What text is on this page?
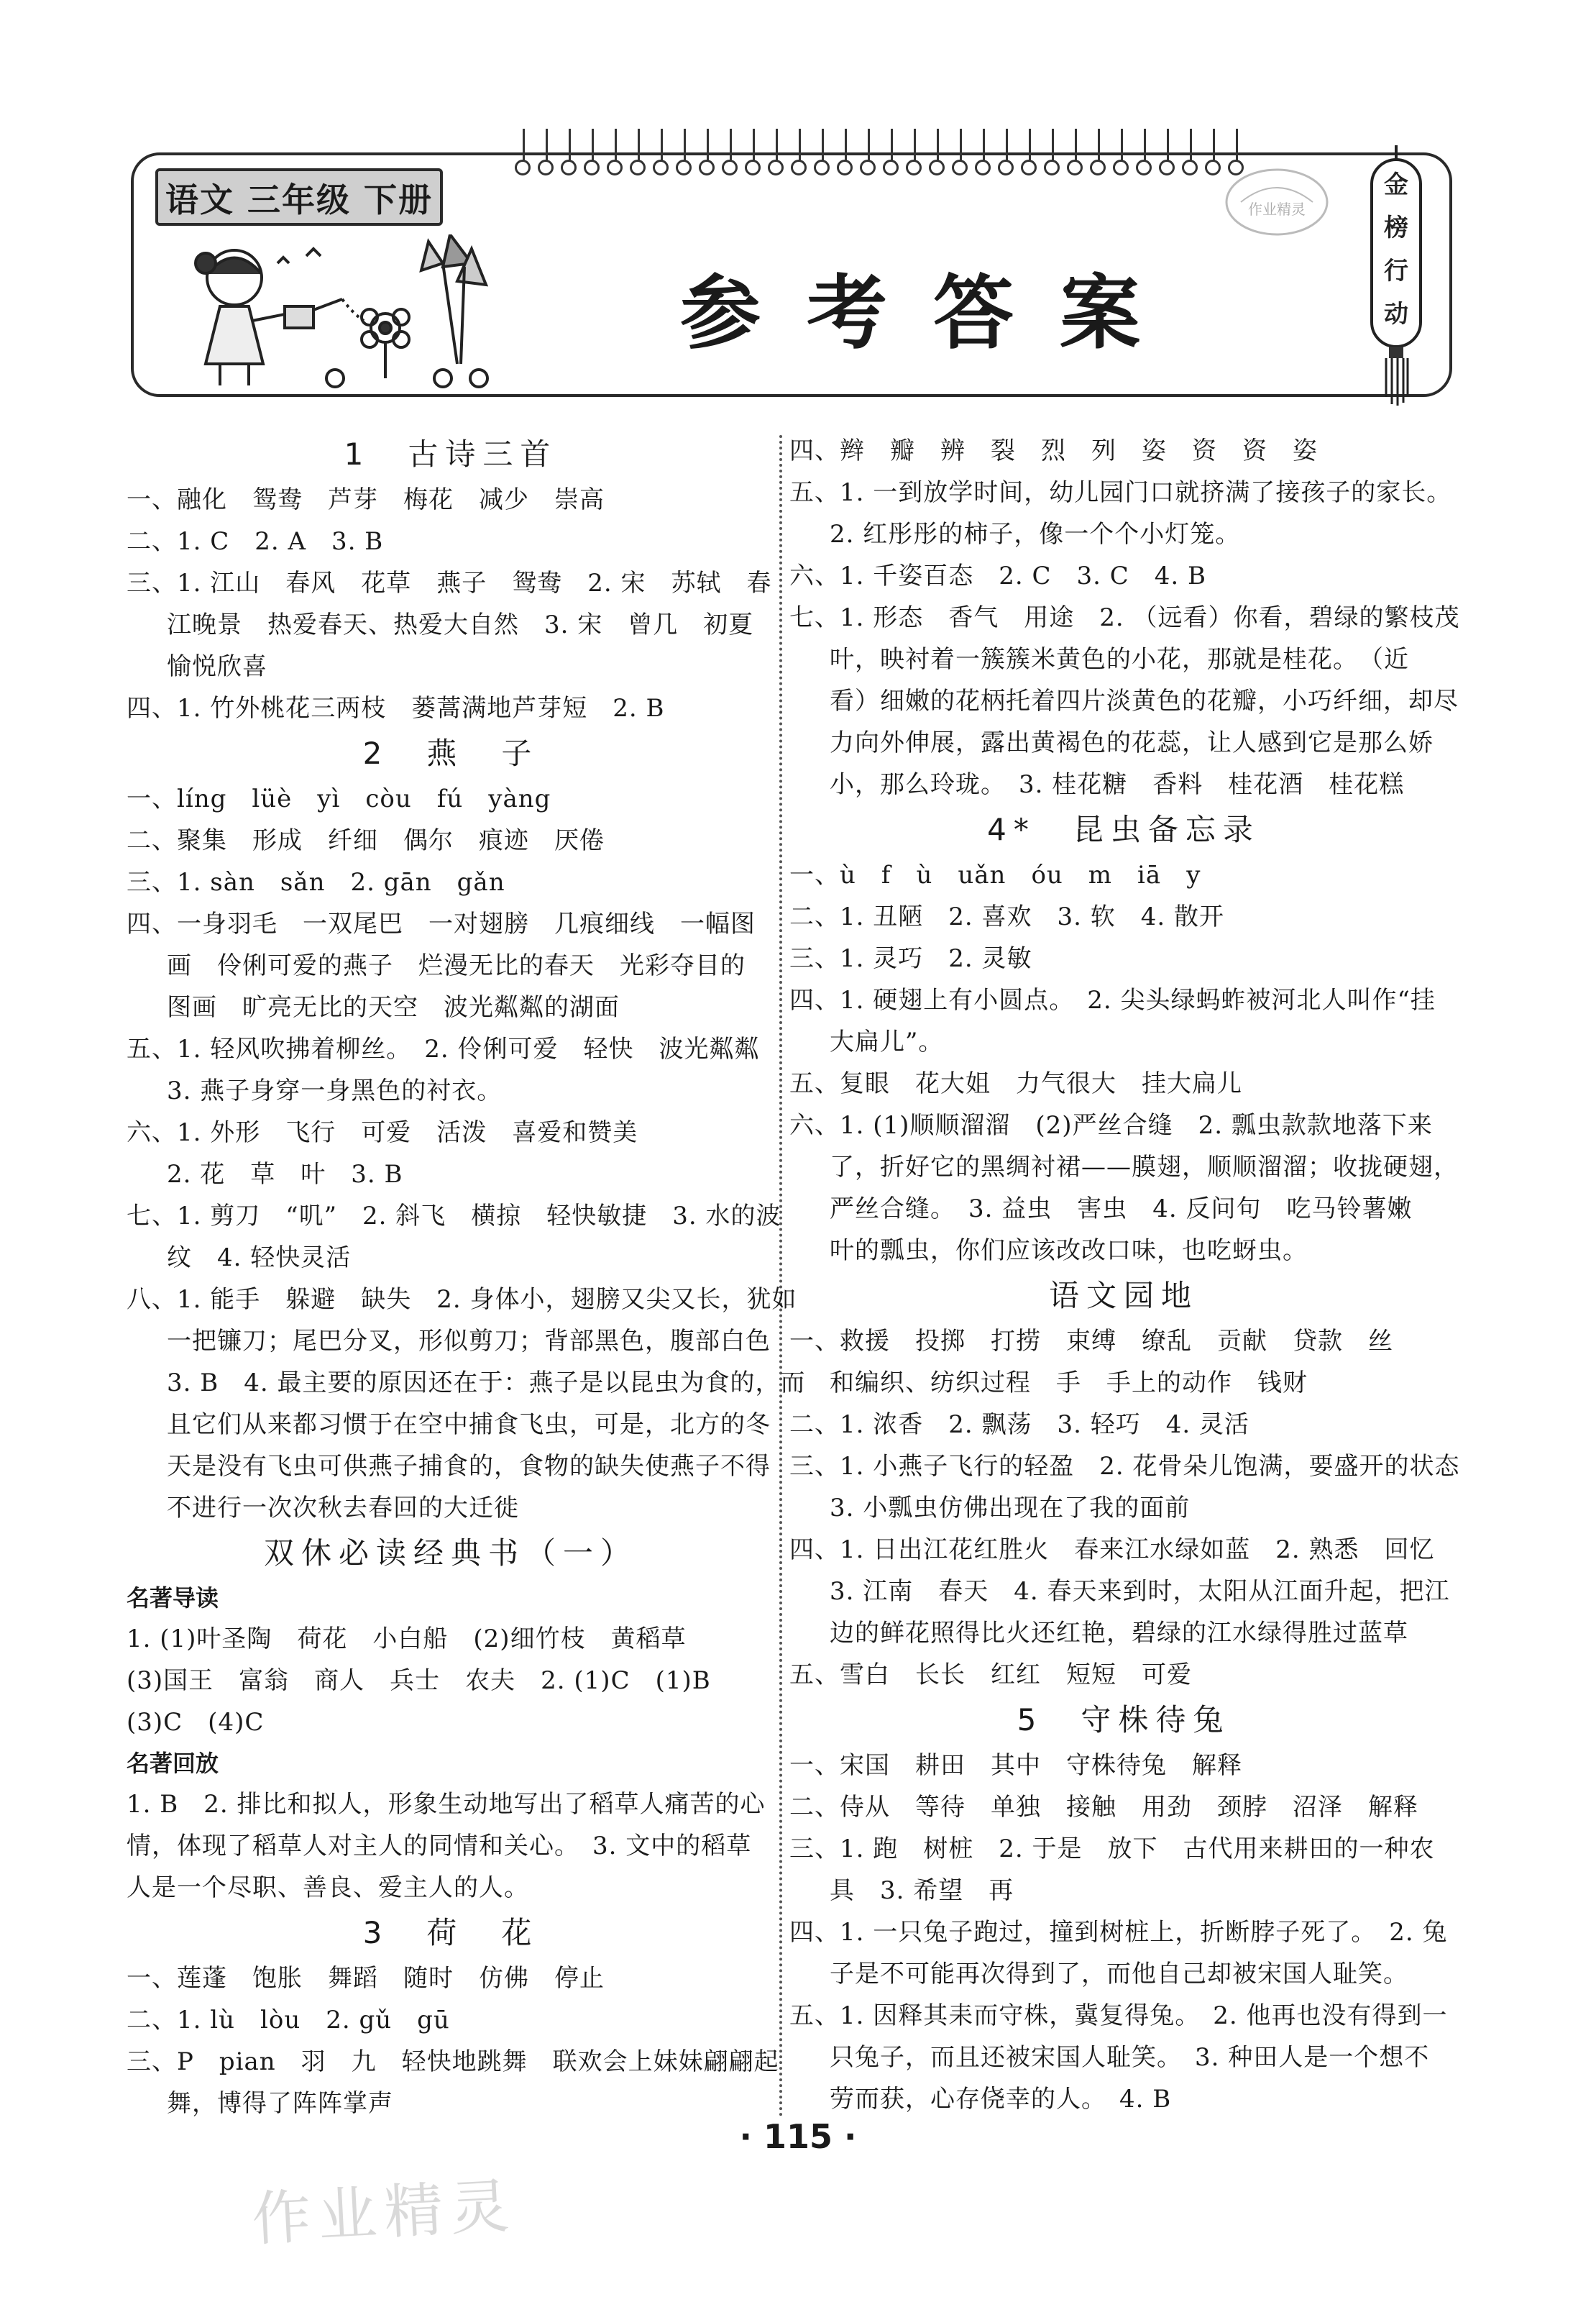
语文 三年级 下册
参考答案
作业精灵
金
榜
行
动
1　古诗三首
一、融化　鸳鸯　芦芽　梅花　减少　崇高
二、1. C　2. A　3. B
三、1. 江山　春风　花草　燕子　鸳鸯　2. 宋　苏轼　春
江晚景　热爱春天、热爱大自然　3. 宋　曾几　初夏
愉悦欣喜
四、1. 竹外桃花三两枝　蒌蒿满地芦芽短　2. B
2　燕　子
一、líng　lüè　yì　còu　fú　yàng
二、聚集　形成　纤细　偶尔　痕迹　厌倦
三、1. sàn　sǎn　2. gān　gǎn
四、一身羽毛　一双尾巴　一对翅膀　几痕细线　一幅图
画　伶俐可爱的燕子　烂漫无比的春天　光彩夺目的
图画　旷亮无比的天空　波光粼粼的湖面
五、1. 轻风吹拂着柳丝。　2. 伶俐可爱　轻快　波光粼粼
3. 燕子身穿一身黑色的衬衣。
六、1. 外形　飞行　可爱　活泼　喜爱和赞美
2. 花　草　叶　3. B
七、1. 剪刀　“叽”　2. 斜飞　横掠　轻快敏捷　3. 水的波
纹　4. 轻快灵活
八、1. 能手　躲避　缺失　2. 身体小，翅膀又尖又长，犹如
一把镰刀；尾巴分叉，形似剪刀；背部黑色，腹部白色
3. B　4. 最主要的原因还在于：燕子是以昆虫为食的，而
且它们从来都习惯于在空中捕食飞虫，可是，北方的冬
天是没有飞虫可供燕子捕食的，食物的缺失使燕子不得
不进行一次次秋去春回的大迁徙
双休必读经典书（一）
名著导读
1. (1)叶圣陶　荷花　小白船　(2)细竹枝　黄稻草
(3)国王　富翁　商人　兵士　农夫　2. (1)C　(1)B
(3)C　(4)C
名著回放
1. B　2. 排比和拟人，形象生动地写出了稻草人痛苦的心
情，体现了稻草人对主人的同情和关心。　3. 文中的稻草
人是一个尽职、善良、爱主人的人。
3　荷　花
一、莲蓬　饱胀　舞蹈　随时　仿佛　停止
二、1. lù　lòu　2. gǔ　gū
三、P　pian　羽　九　轻快地跳舞　联欢会上妹妹翩翩起
舞，博得了阵阵掌声
四、辫　瓣　辨　裂　烈　列　姿　资　资　姿
五、1. 一到放学时间，幼儿园门口就挤满了接孩子的家长。
2. 红彤彤的柿子，像一个个小灯笼。
六、1. 千姿百态　2. C　3. C　4. B
七、1. 形态　香气　用途　2. （远看）你看，碧绿的繁枝茂
叶，映衬着一簇簇米黄色的小花，那就是桂花。　（近
看）细嫩的花柄托着四片淡黄色的花瓣，小巧纤细，却尽
力向外伸展，露出黄褐色的花蕊，让人感到它是那么娇
小，那么玲珑。　3. 桂花糖　香料　桂花酒　桂花糕
4*　昆虫备忘录
一、ù　f　ù　uǎn　óu　m　iā　y
二、1. 丑陋　2. 喜欢　3. 软　4. 散开
三、1. 灵巧　2. 灵敏
四、1. 硬翅上有小圆点。　2. 尖头绿蚂蚱被河北人叫作“挂
大扁儿”。
五、复眼　花大姐　力气很大　挂大扁儿
六、1. (1)顺顺溜溜　(2)严丝合缝　2. 瓢虫款款地落下来
了，折好它的黑绸衬裙——膜翅，顺顺溜溜；收拢硬翅，
严丝合缝。　3. 益虫　害虫　4. 反问句　吃马铃薯嫩
叶的瓢虫，你们应该改改口味，也吃蚜虫。
语文园地
一、救援　投掷　打捞　束缚　缭乱　贡献　贷款　丝
和编织、纺织过程　手　手上的动作　钱财
二、1. 浓香　2. 飘荡　3. 轻巧　4. 灵活
三、1. 小燕子飞行的轻盈　2. 花骨朵儿饱满，要盛开的状态
3. 小瓢虫仿佛出现在了我的面前
四、1. 日出江花红胜火　春来江水绿如蓝　2. 熟悉　回忆
3. 江南　春天　4. 春天来到时，太阳从江面升起，把江
边的鲜花照得比火还红艳，碧绿的江水绿得胜过蓝草
五、雪白　长长　红红　短短　可爱
5　守株待兔
一、宋国　耕田　其中　守株待兔　解释
二、侍从　等待　单独　接触　用劲　颈脖　沼泽　解释
三、1. 跑　树桩　2. 于是　放下　古代用来耕田的一种农
具　3. 希望　再
四、1. 一只兔子跑过，撞到树桩上，折断脖子死了。　2. 兔
子是不可能再次得到了，而他自己却被宋国人耻笑。
五、1. 因释其耒而守株，冀复得兔。　2. 他再也没有得到一
只兔子，而且还被宋国人耻笑。　3. 种田人是一个想不
劳而获，心存侥幸的人。　4. B
· 115 ·
作业精灵
